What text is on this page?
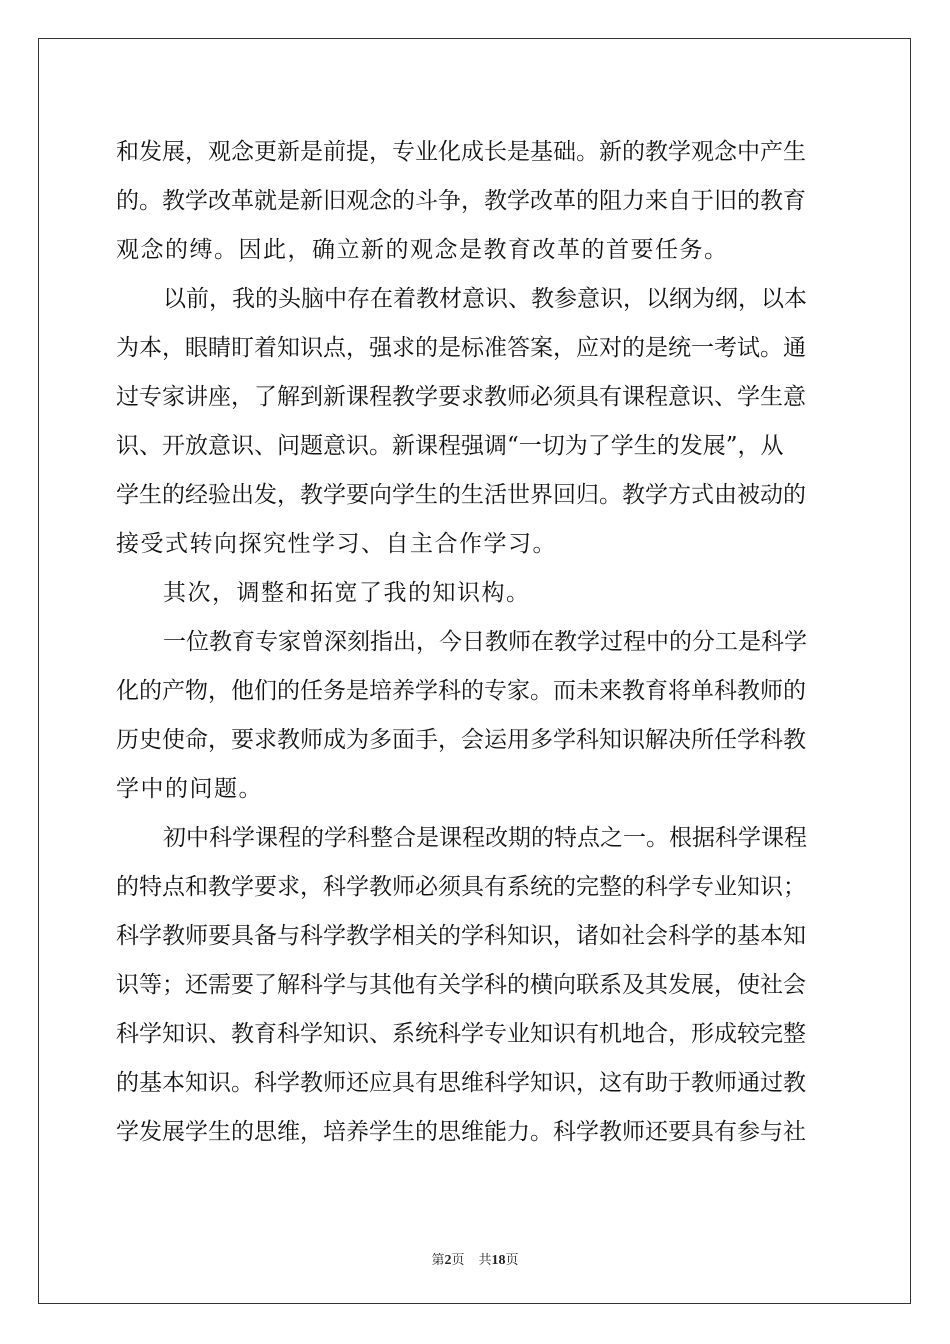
和发展，观念更新是前提，专业化成长是基础。新的教学观念中产生
的。教学改革就是新旧观念的斗争，教学改革的阻力来自于旧的教育
观念的缚。因此，确立新的观念是教育改革的首要任务。
以前，我的头脑中存在着教材意识、教参意识，以纲为纲，以本
为本，眼睛盯着知识点，强求的是标准答案，应对的是统一考试。通
过专家讲座，了解到新课程教学要求教师必须具有课程意识、学生意
识、开放意识、问题意识。新课程强调“一切为了学生的发展”，从
学生的经验出发，教学要向学生的生活世界回归。教学方式由被动的
接受式转向探究性学习、自主合作学习。
其次，调整和拓宽了我的知识构。
一位教育专家曾深刻指出，今日教师在教学过程中的分工是科学
化的产物，他们的任务是培养学科的专家。而未来教育将单科教师的
历史使命，要求教师成为多面手，会运用多学科知识解决所任学科教
学中的问题。
初中科学课程的学科整合是课程改期的特点之一。根据科学课程
的特点和教学要求，科学教师必须具有系统的完整的科学专业知识；
科学教师要具备与科学教学相关的学科知识，诸如社会科学的基本知
识等；还需要了解科学与其他有关学科的横向联系及其发展，使社会
科学知识、教育科学知识、系统科学专业知识有机地合，形成较完整
的基本知识。科学教师还应具有思维科学知识，这有助于教师通过教
学发展学生的思维，培养学生的思维能力。科学教师还要具有参与社
第2页 共18页
